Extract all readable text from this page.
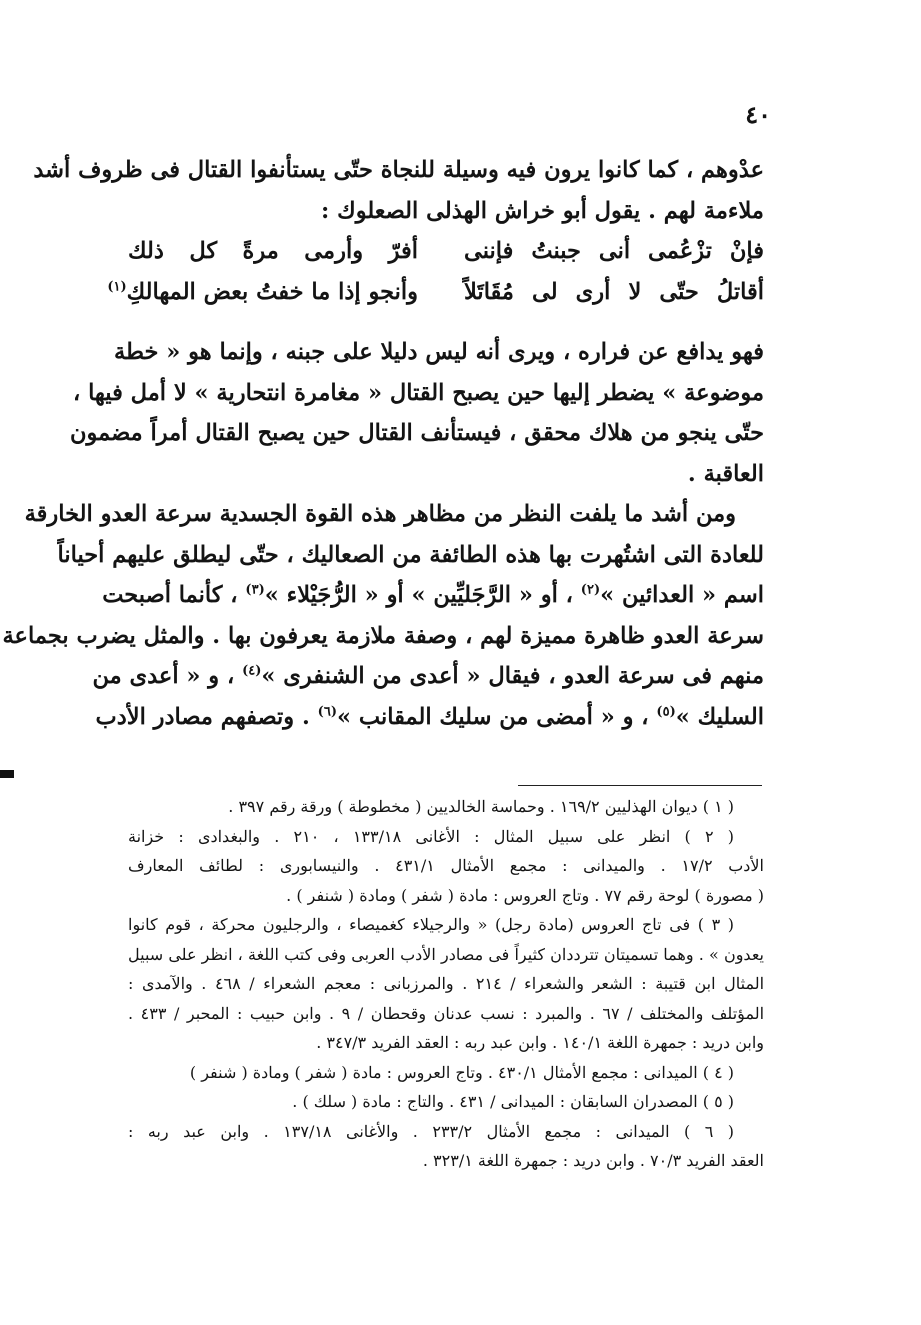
٤٠
عدْوهم ، كما كانوا يرون فيه وسيلة للنجاة حتّى يستأنفوا القتال فى ظروف أشد
ملاءمة لهم . يقول أبو خراش الهذلى الصعلوك :
فإنْ تزْعُمى أنى جبنتُ فإننى
أفرّ وأرمى مرةً كل ذلك
أقاتلُ حتّى لا أرى لى مُقَاتَلاً
وأنجو إذا ما خفتُ بعض المهالكِ$^{(١)}$
فهو يدافع عن فراره ، ويرى أنه ليس دليلا على جبنه ، وإنما هو « خطة
موضوعة » يضطر إليها حين يصبح القتال « مغامرة انتحارية » لا أمل فيها ،
حتّى ينجو من هلاك محقق ، فيستأنف القتال حين يصبح القتال أمراً مضمون
العاقبة .
ومن أشد ما يلفت النظر من مظاهر هذه القوة الجسدية سرعة العدو الخارقة
للعادة التى اشتُهرت بها هذه الطائفة من الصعاليك ، حتّى ليطلق عليهم أحياناً
اسم « العدائين »$^{(٢)}$ ، أو « الرَّجَليِّين » أو « الرُّجَيْلاء »$^{(٣)}$ ، كأنما أصبحت
سرعة العدو ظاهرة مميزة لهم ، وصفة ملازمة يعرفون بها . والمثل يضرب بجماعة
منهم فى سرعة العدو ، فيقال « أعدى من الشنفرى »$^{(٤)}$ ، و « أعدى من
السليك »$^{(٥)}$ ، و « أمضى من سليك المقانب »$^{(٦)}$ . وتصفهم مصادر الأدب
( ١ ) ديوان الهذليين ١٦٩/٢ . وحماسة الخالديين ( مخطوطة ) ورقة رقم ٣٩٧ .
( ٢ ) انظر على سبيل المثال : الأغانى ١٣٣/١٨ ، ٢١٠ . والبغدادى : خزانة
الأدب ١٧/٢ . والميدانى : مجمع الأمثال ٤٣١/١ . والنيسابورى : لطائف المعارف
( مصورة ) لوحة رقم ٧٧ . وتاج العروس : مادة ( شفر ) ومادة ( شنفر ) .
( ٣ ) فى تاج العروس (مادة رجل) « والرجيلاء كغميصاء ، والرجليون محركة ، قوم كانوا
يعدون » . وهما تسميتان تترددان كثيراً فى مصادر الأدب العربى وفى كتب اللغة ، انظر على سبيل
المثال ابن قتيبة : الشعر والشعراء / ٢١٤ . والمرزبانى : معجم الشعراء / ٤٦٨ . والآمدى :
المؤتلف والمختلف / ٦٧ . والمبرد : نسب عدنان وقحطان / ٩ . وابن حبيب : المحبر / ٤٣٣ .
وابن دريد : جمهرة اللغة ١٤٠/١ . وابن عبد ربه : العقد الفريد ٣٤٧/٣ .
( ٤ ) الميدانى : مجمع الأمثال ٤٣٠/١ . وتاج العروس : مادة ( شفر ) ومادة ( شنفر )
( ٥ ) المصدران السابقان : الميدانى / ٤٣١ . والتاج : مادة ( سلك ) .
( ٦ ) الميدانى : مجمع الأمثال ٢٣٣/٢ . والأغانى ١٣٧/١٨ . وابن عبد ربه :
العقد الفريد ٧٠/٣ . وابن دريد : جمهرة اللغة ٣٢٣/١ .
